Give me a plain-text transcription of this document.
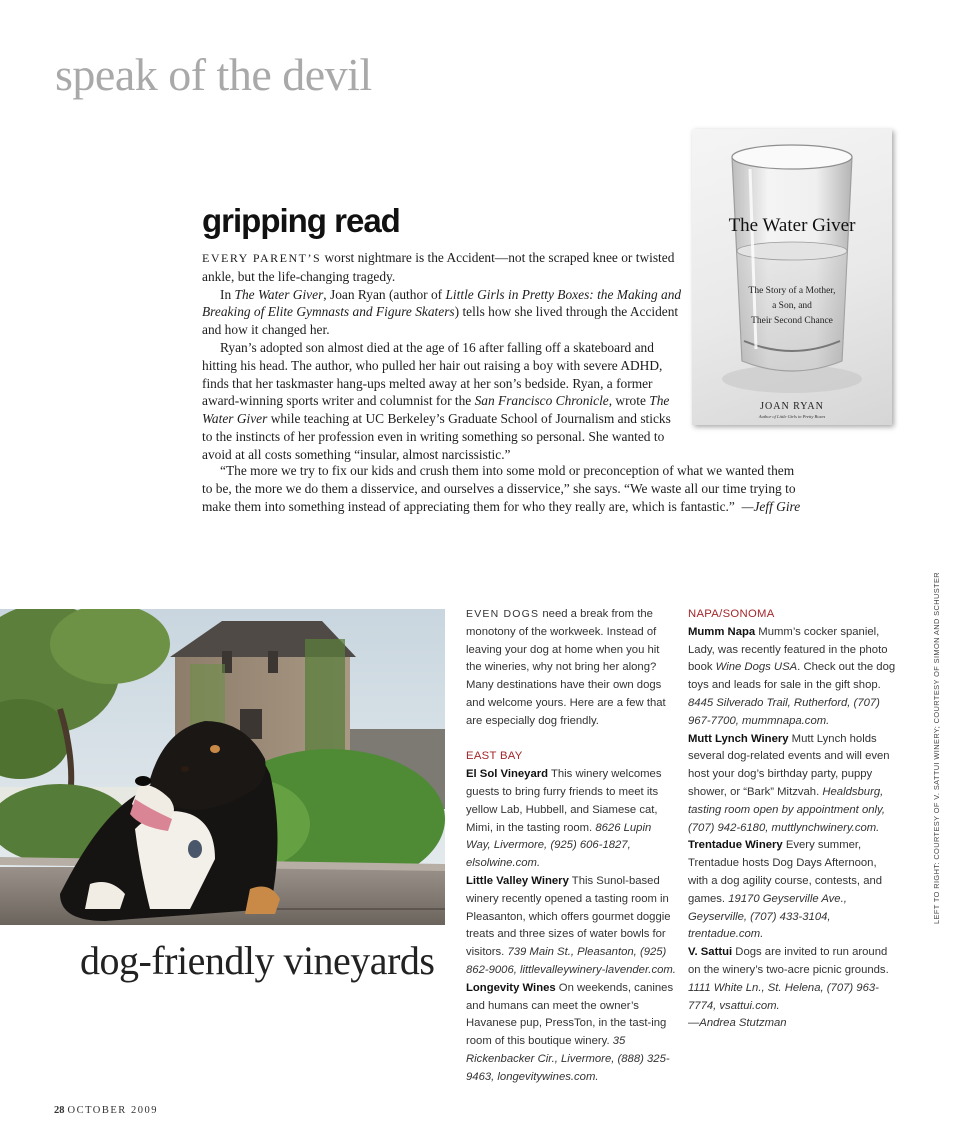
speak of the devil
gripping read

EVERY PARENT’S worst nightmare is the Accident—not the scraped knee or twisted ankle, but the life-changing tragedy.

In The Water Giver, Joan Ryan (author of Little Girls in Pretty Boxes: the Making and Breaking of Elite Gymnasts and Figure Skaters) tells how she lived through the Accident and how it changed her.

Ryan’s adopted son almost died at the age of 16 after falling off a skateboard and hitting his head. The author, who pulled her hair out raising a boy with severe ADHD, finds that her taskmaster hang-ups melted away at her son’s bedside. Ryan, a former award-winning sports writer and columnist for the San Francisco Chronicle, wrote The Water Giver while teaching at UC Berkeley’s Graduate School of Journalism and sticks to the instincts of her profession even in writing something so personal. She wanted to avoid at all costs something “insular, almost narcissistic.”

“The more we try to fix our kids and crush them into some mold or preconception of what we wanted them to be, the more we do them a disservice, and ourselves a disservice,” she says. “We waste all our time trying to make them into something instead of appreciating them for who they really are, which is fantastic.” —Jeff Gire

The Water Giver
The Story of a Mother,
a Son, and
Their Second Chance
JOAN RYAN
Author of Little Girls in Pretty Boxes
dog-friendly vineyards

EVEN DOGS need a break from the monotony of the workweek. Instead of leaving your dog at home when you hit the wineries, why not bring her along? Many destinations have their own dogs and welcome yours. Here are a few that are especially dog friendly.

EAST BAY

El Sol Vineyard This winery welcomes guests to bring furry friends to meet its yellow Lab, Hubbell, and Siamese cat, Mimi, in the tasting room. 8626 Lupin Way, Livermore, (925) 606-1827, elsolwine.com.

Little Valley Winery This Sunol-based winery recently opened a tasting room in Pleasanton, which offers gourmet doggie treats and three sizes of water bowls for visitors. 739 Main St., Pleasanton, (925) 862-9006, littlevalleywinery-lavender.com.

Longevity Wines On weekends, canines and humans can meet the owner’s Havanese pup, PressTon, in the tast-ing room of this boutique winery. 35 Rickenbacker Cir., Livermore, (888) 325-9463, longevitywines.com.

NAPA/SONOMA

Mumm Napa Mumm’s cocker spaniel, Lady, was recently featured in the photo book Wine Dogs USA. Check out the dog toys and leads for sale in the gift shop. 8445 Silverado Trail, Rutherford, (707) 967-7700, mummnapa.com.

Mutt Lynch Winery Mutt Lynch holds several dog-related events and will even host your dog’s birthday party, puppy shower, or “Bark” Mitzvah. Healdsburg, tasting room open by appointment only, (707) 942-6180, muttlynchwinery.com.

Trentadue Winery Every summer, Trentadue hosts Dog Days Afternoon, with a dog agility course, contests, and games. 19170 Geyserville Ave., Geyserville, (707) 433-3104, trentadue.com.

V. Sattui Dogs are invited to run around on the winery’s two-acre picnic grounds. 1111 White Ln., St. Helena, (707) 963-7774, vsattui.com.

—Andrea Stutzman

LEFT TO RIGHT: COURTESY OF V. SATTUI WINERY; COURTESY OF SIMON AND SCHUSTER
28 OCTOBER 2009
